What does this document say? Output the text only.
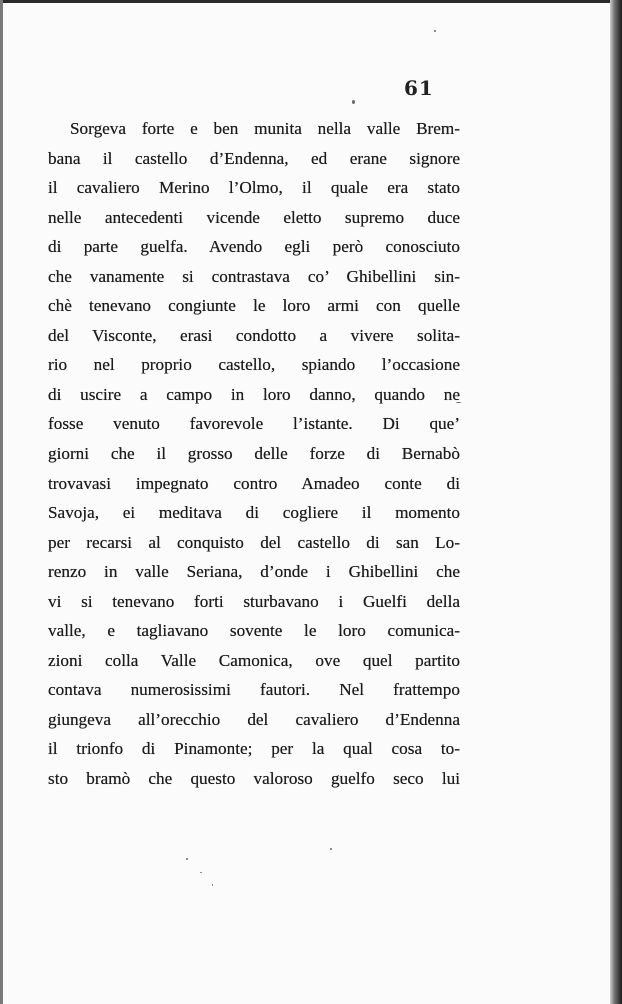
61
Sorgeva forte e ben munita nella valle Brem-
bana il castello d’Endenna, ed erane signore
il cavaliero Merino l’Olmo, il quale era stato
nelle antecedenti vicende eletto supremo duce
di parte guelfa. Avendo egli però conosciuto
che vanamente si contrastava co’ Ghibellini sin-
chè tenevano congiunte le loro armi con quelle
del Visconte, erasi condotto a vivere solita-
rio nel proprio castello, spiando l’occasione
di uscire a campo in loro danno, quando ne
fosse venuto favorevole l’istante. Di que’
giorni che il grosso delle forze di Bernabò
trovavasi impegnato contro Amadeo conte di
Savoja, ei meditava di cogliere il momento
per recarsi al conquisto del castello di san Lo-
renzo in valle Seriana, d’onde i Ghibellini che
vi si tenevano forti sturbavano i Guelfi della
valle, e tagliavano sovente le loro comunica-
zioni colla Valle Camonica, ove quel partito
contava numerosissimi fautori. Nel frattempo
giungeva all’orecchio del cavaliero d’Endenna
il trionfo di Pinamonte; per la qual cosa to-
sto bramò che questo valoroso guelfo seco lui
